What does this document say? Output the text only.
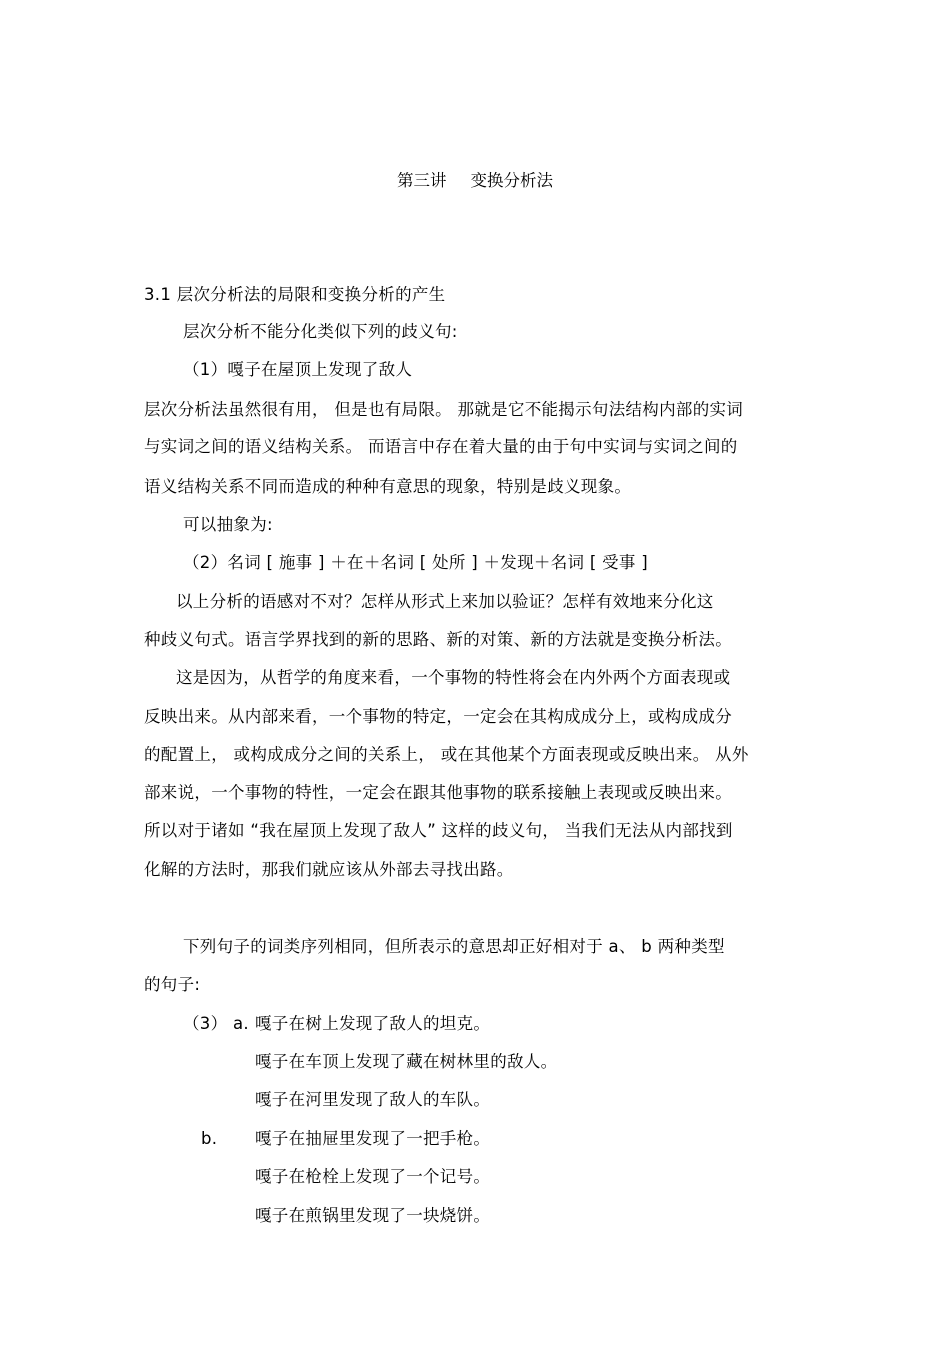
第三讲 变换分析法
3.1 层次分析法的局限和变换分析的产生
层次分析不能分化类似下列的歧义句:
（1）嘎子在屋顶上发现了敌人
层次分析法虽然很有用， 但是也有局限。 那就是它不能揭示句法结构内部的实词
与实词之间的语义结构关系。 而语言中存在着大量的由于句中实词与实词之间的
语义结构关系不同而造成的种种有意思的现象，特别是歧义现象。
可以抽象为:
（2）名词 [ 施事 ] ＋在＋名词 [ 处所 ] ＋发现＋名词 [ 受事 ]
以上分析的语感对不对？怎样从形式上来加以验证？怎样有效地来分化这
种歧义句式。语言学界找到的新的思路、新的对策、新的方法就是变换分析法。
这是因为，从哲学的角度来看，一个事物的特性将会在内外两个方面表现或
反映出来。从内部来看，一个事物的特定，一定会在其构成成分上，或构成成分
的配置上， 或构成成分之间的关系上， 或在其他某个方面表现或反映出来。 从外
部来说，一个事物的特性，一定会在跟其他事物的联系接触上表现或反映出来。
所以对于诸如 “我在屋顶上发现了敌人” 这样的歧义句， 当我们无法从内部找到
化解的方法时，那我们就应该从外部去寻找出路。
下列句子的词类序列相同，但所表示的意思却正好相对于 a、 b 两种类型
的句子:
（3） a. 嘎子在树上发现了敌人的坦克。
嘎子在车顶上发现了藏在树林里的敌人。
嘎子在河里发现了敌人的车队。
b. 嘎子在抽屉里发现了一把手枪。
嘎子在枪栓上发现了一个记号。
嘎子在煎锅里发现了一块烧饼。
